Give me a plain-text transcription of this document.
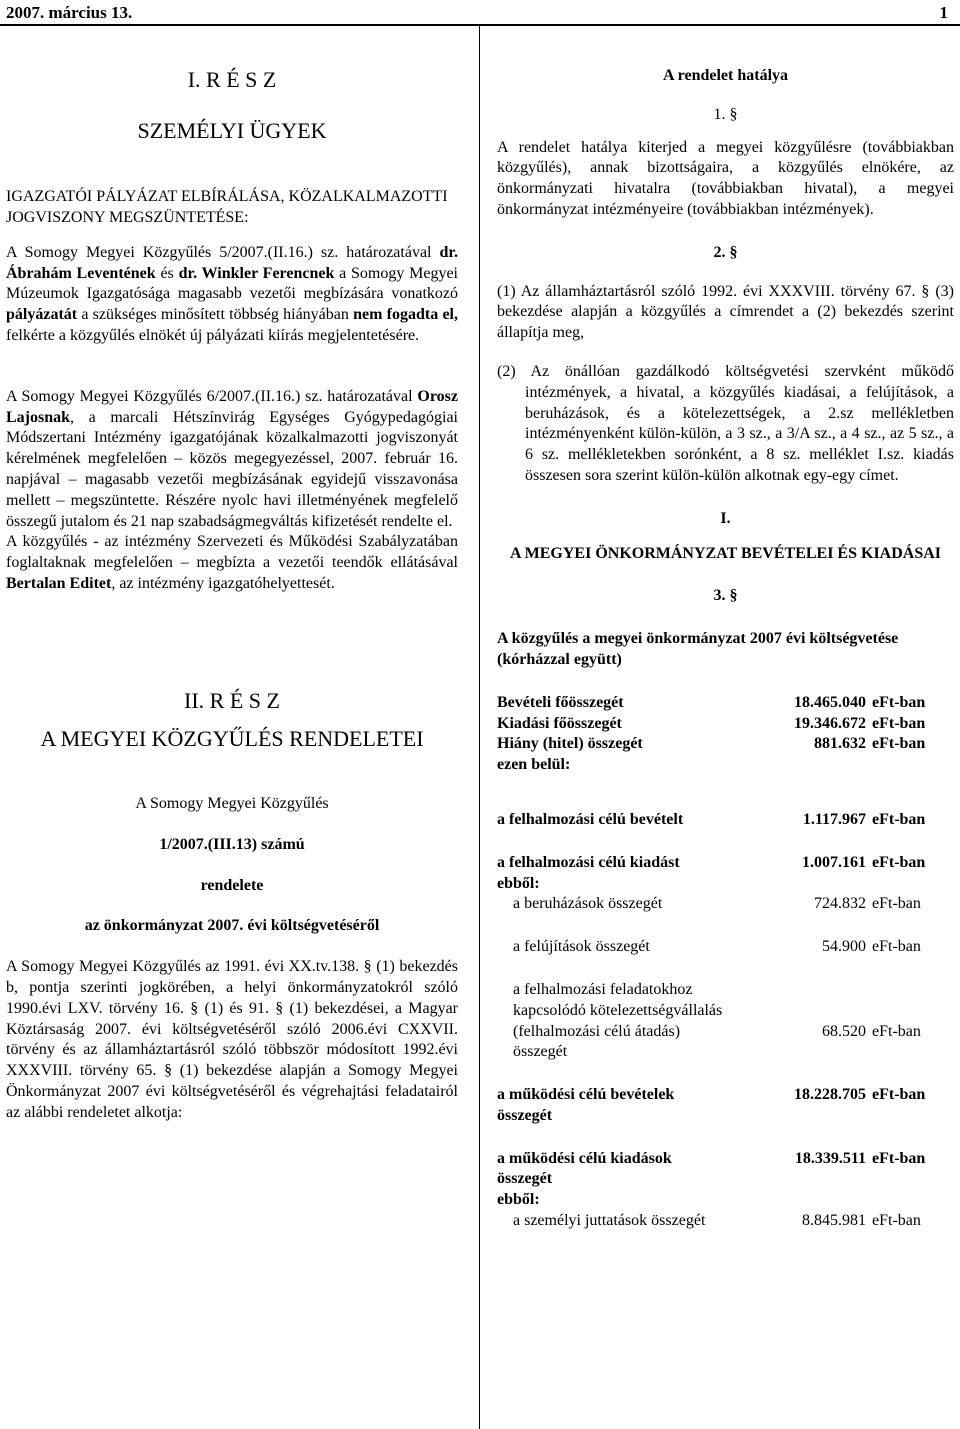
2007. március 13.	1

I. R É S Z

SZEMÉLYI ÜGYEK

IGAZGATÓI PÁLYÁZAT ELBÍRÁLÁSA, KÖZALKALMAZOTTI JOGVISZONY MEGSZÜNTETÉSE:

A Somogy Megyei Közgyűlés 5/2007.(II.16.) sz. határozatával dr. Ábrahám Leventének és dr. Winkler Ferencnek a Somogy Megyei Múzeumok Igazgatósága magasabb vezetői megbízására vonatkozó pályázatát a szükséges minősített többség hiányában nem fogadta el, felkérte a közgyűlés elnökét új pályázati kiírás megjelentetésére.

A Somogy Megyei Közgyűlés 6/2007.(II.16.) sz. határozatával Orosz Lajosnak, a marcali Hétszínvirág Egységes Gyógypedagógiai Módszertani Intézmény igazgatójának közalkalmazotti jogviszonyát kérelmének megfelelően – közös megegyezéssel, 2007. február 16. napjával – magasabb vezetői megbízásának egyidejű visszavonása mellett – megszüntette. Részére nyolc havi illetményének megfelelő összegű jutalom és 21 nap szabadságmegváltás kifizetését rendelte el.

A közgyűlés - az intézmény Szervezeti és Működési Szabályzatában foglaltaknak megfelelően – megbízta a vezetői teendők ellátásával Bertalan Editet, az intézmény igazgatóhelyettesét.

II. R É S Z

A MEGYEI KÖZGYŰLÉS RENDELETEI

A Somogy Megyei Közgyűlés

1/2007.(III.13) számú

rendelete

az önkormányzat 2007. évi költségvetéséről

A Somogy Megyei Közgyűlés az 1991. évi XX.tv.138. § (1) bekezdés b, pontja szerinti jogkörében, a helyi önkormányzatokról szóló 1990.évi LXV. törvény 16. § (1) és 91. § (1) bekezdései, a Magyar Köztársaság 2007. évi költségvetéséről szóló 2006.évi CXXVII. törvény és az államháztartásról szóló többször módosított 1992.évi XXXVIII. törvény 65. § (1) bekezdése alapján a Somogy Megyei Önkormányzat 2007 évi költségvetéséről és végrehajtási feladatairól az alábbi rendeletet alkotja:

A rendelet hatálya

1. §

A rendelet hatálya kiterjed a megyei közgyűlésre (továbbiakban közgyűlés), annak bizottságaira, a közgyűlés elnökére, az önkormányzati hivatalra (továbbiakban hivatal), a megyei önkormányzat intézményeire (továbbiakban intézmények).

2. §

(1) Az államháztartásról szóló 1992. évi XXXVIII. törvény 67. § (3) bekezdése alapján a közgyűlés a címrendet a (2) bekezdés szerint állapítja meg,

(2) Az önállóan gazdálkodó költségvetési szervként működő intézmények, a hivatal, a közgyűlés kiadásai, a felújítások, a beruházások, és a kötelezettségek, a 2.sz mellékletben intézményenként külön-külön, a 3 sz., a 3/A sz., a 4 sz., az 5 sz., a 6 sz. mellékletekben sorónként, a 8 sz. melléklet I.sz. kiadás összesen sora szerint külön-külön alkotnak egy-egy címet.

I.

A MEGYEI ÖNKORMÁNYZAT BEVÉTELEI ÉS KIADÁSAI

3. §

A közgyűlés a megyei önkormányzat 2007 évi költségvetése (kórházzal együtt)

Bevételi főösszegét	18.465.040	eFt-ban
Kiadási főösszegét	19.346.672	eFt-ban
Hiány (hitel) összegét	881.632	eFt-ban
ezen belül:		
a felhalmozási célú bevételt	1.117.967	eFt-ban
a felhalmozási célú kiadást	1.007.161	eFt-ban
ebből:		
a beruházások összegét	724.832	eFt-ban
a felújítások összegét	54.900	eFt-ban
a felhalmozási feladatokhoz kapcsolódó kötelezettségvállalás (felhalmozási célú átadás) összegét	68.520	eFt-ban
a működési célú bevételek összegét	18.228.705	eFt-ban
a működési célú kiadások összegét	18.339.511	eFt-ban
ebből:		
a személyi juttatások összegét	8.845.981	eFt-ban
